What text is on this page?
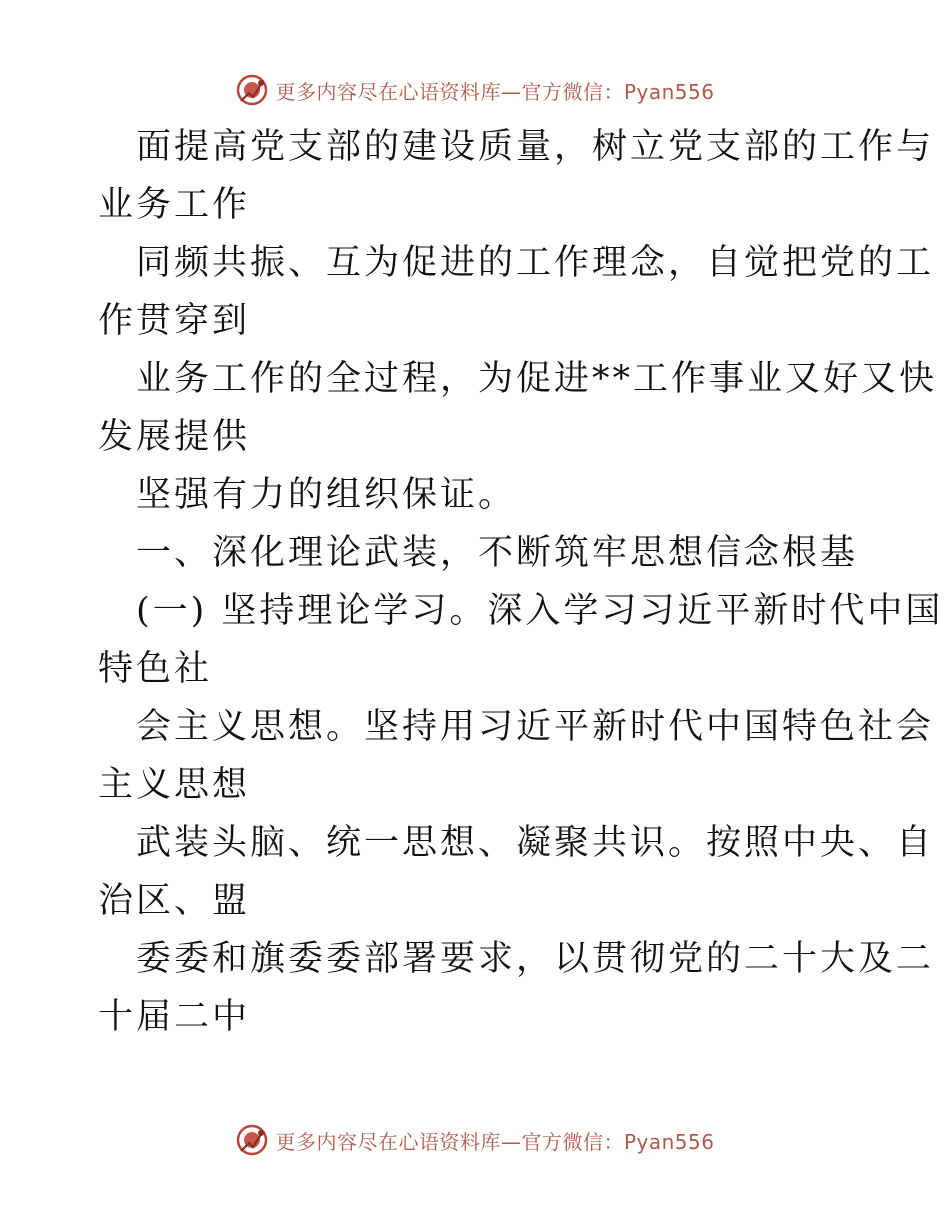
更多内容尽在心语资料库—官方微信：Pyan556
面提高党支部的建设质量，树立党支部的工作与
业务工作
同频共振、互为促进的工作理念，自觉把党的工
作贯穿到
业务工作的全过程，为促进**工作事业又好又快
发展提供
坚强有力的组织保证。
一、深化理论武装，不断筑牢思想信念根基
(一) 坚持理论学习。深入学习习近平新时代中国
特色社
会主义思想。坚持用习近平新时代中国特色社会
主义思想
武装头脑、统一思想、凝聚共识。按照中央、自
治区、盟
委委和旗委委部署要求，以贯彻党的二十大及二
十届二中
更多内容尽在心语资料库—官方微信：Pyan556
